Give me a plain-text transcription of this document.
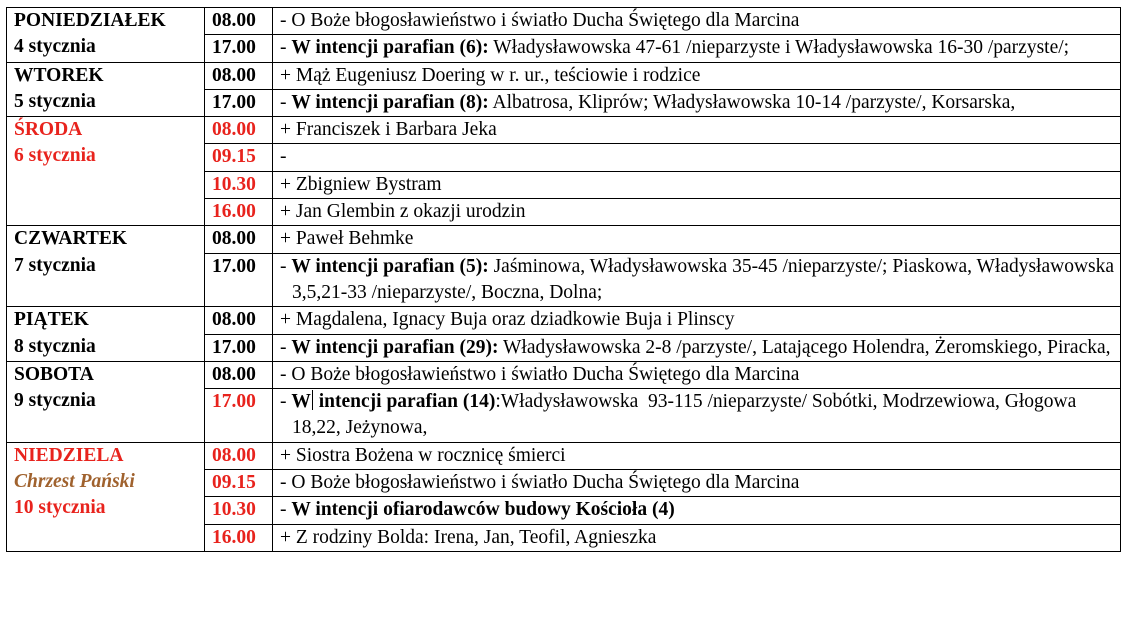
PONIEDZIAŁEK
4 stycznia	08.00	- O Boże błogosławieństwo i światło Ducha Świętego dla Marcina

	17.00	- W intencji parafian (6): Władysławowska 47-61 /nieparzyste i Władysławowska 16-30 /parzyste/;

WTOREK
5 stycznia	08.00	+ Mąż Eugeniusz Doering w r. ur., teściowie i rodzice

	17.00	- W intencji parafian (8): Albatrosa, Kliprów; Władysławowska 10-14 /parzyste/, Korsarska,

ŚRODA
6 stycznia	08.00	+ Franciszek i Barbara Jeka

	09.15	-

	10.30	+ Zbigniew Bystram

	16.00	+ Jan Glembin z okazji urodzin

CZWARTEK
7 stycznia	08.00	+ Paweł Behmke

	17.00	- W intencji parafian (5): Jaśminowa, Władysławowska 35-45 /nieparzyste/; Piaskowa, Władysławowska 3,5,21-33 /nieparzyste/, Boczna, Dolna;

PIĄTEK
8 stycznia	08.00	+ Magdalena, Ignacy Buja oraz dziadkowie Buja i Plinscy

	17.00	- W intencji parafian (29): Władysławowska 2-8 /parzyste/, Latającego Holendra, Żeromskiego, Piracka,

SOBOTA
9 stycznia	08.00	- O Boże błogosławieństwo i światło Ducha Świętego dla Marcina

	17.00	- W intencji parafian (14):Władysławowska  93-115 /nieparzyste/ Sobótki, Modrzewiowa, Głogowa 18,22, Jeżynowa,

NIEDZIELA
Chrzest Pański
10 stycznia	08.00	+ Siostra Bożena w rocznicę śmierci

	09.15	- O Boże błogosławieństwo i światło Ducha Świętego dla Marcina

	10.30	- W intencji ofiarodawców budowy Kościoła (4)

	16.00	+ Z rodziny Bolda: Irena, Jan, Teofil, Agnieszka
